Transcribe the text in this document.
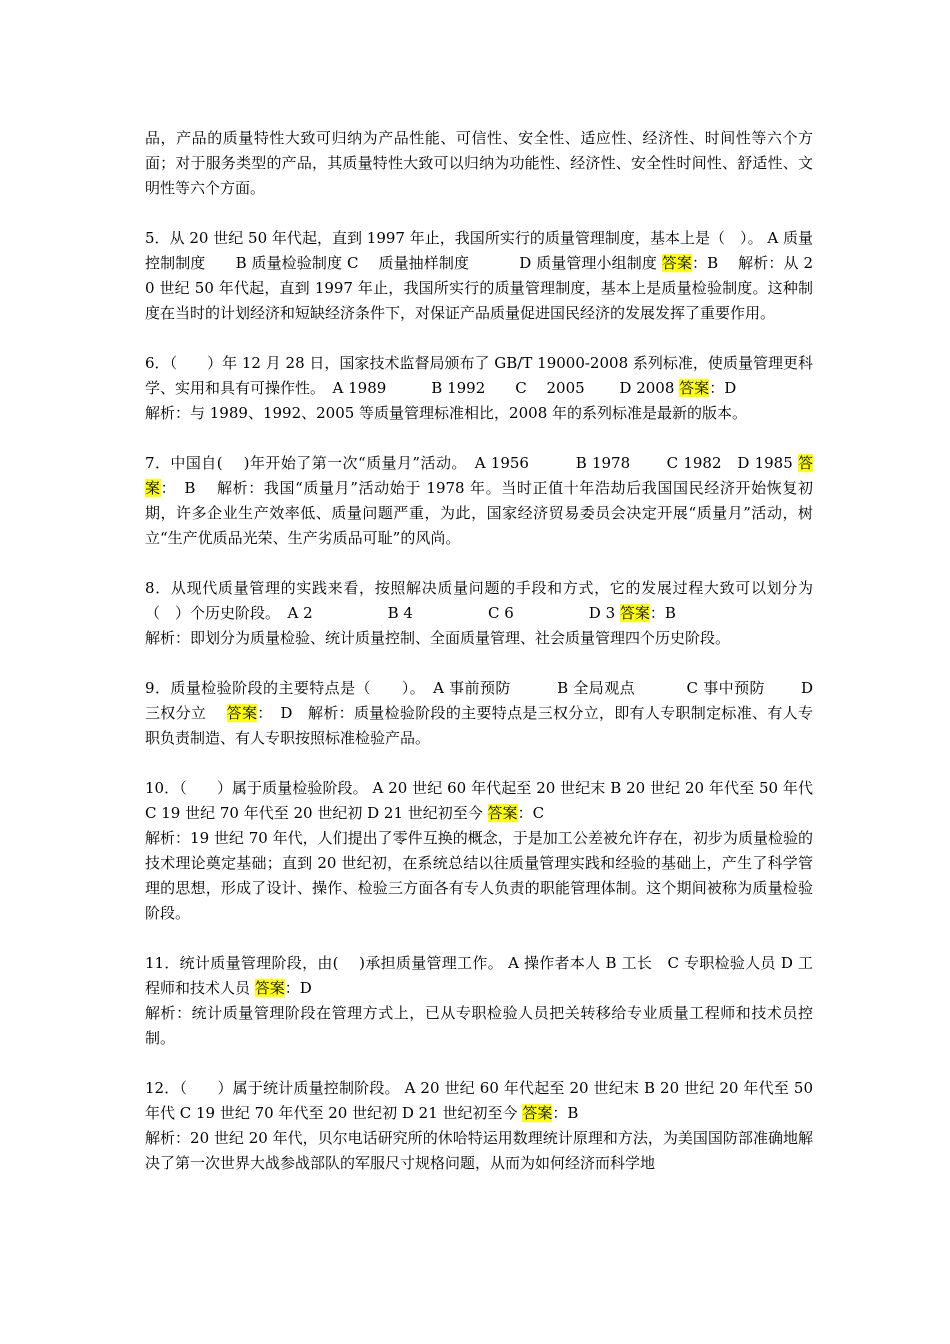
品，产品的质量特性大致可归纳为产品性能、可信性、安全性、适应性、经济性、时间性等六个方面；对于服务类型的产品，其质量特性大致可以归纳为功能性、经济性、安全性时间性、舒适性、文明性等六个方面。
5．从 20 世纪 50 年代起，直到 1997 年止，我国所实行的质量管理制度，基本上是（　）。 A 质量控制制度　　B 质量检验制度 C　 质量抽样制度　　　 D 质量管理小组制度 答案：B　 解析：从 20 世纪 50 年代起，直到 1997 年止，我国所实行的质量管理制度，基本上是质量检验制度。这种制度在当时的计划经济和短缺经济条件下，对保证产品质量促进国民经济的发展发挥了重要作用。
6．（　　）年 12 月 28 日，国家技术监督局颁布了 GB/T 19000-2008 系列标准，使质量管理更科学、实用和具有可操作性。　A 1989　　　B 1992　　C　 2005　　 D 2008 答案：D
解析：与 1989、1992、2005 等质量管理标准相比，2008 年的系列标准是最新的版本。
7．中国自(　 )年开始了第一次“质量月”活动。　A 1956　　　B 1978　　 C 1982　D 1985 答案：　B　 解析：我国“质量月”活动始于 1978 年。当时正值十年浩劫后我国国民经济开始恢复初期，许多企业生产效率低、质量问题严重，为此，国家经济贸易委员会决定开展“质量月”活动，树立“生产优质品光荣、生产劣质品可耻”的风尚。
8．从现代质量管理的实践来看，按照解决质量问题的手段和方式，它的发展过程大致可以划分为（　）个历史阶段。　A 2　　　　　B 4　　　　　C 6　　　　　D 3 答案：B
解析：即划分为质量检验、统计质量控制、全面质量管理、社会质量管理四个历史阶段。
9．质量检验阶段的主要特点是（　　）。　A 事前预防　　　B 全局观点　　　 C 事中预防　　 D 三权分立　 答案：　D　解析：质量检验阶段的主要特点是三权分立，即有人专职制定标准、有人专职负责制造、有人专职按照标准检验产品。
10．（　　）属于质量检验阶段。 A 20 世纪 60 年代起至 20 世纪末 B 20 世纪 20 年代至 50 年代 C 19 世纪 70 年代至 20 世纪初 D 21 世纪初至今 答案：C
解析：19 世纪 70 年代，人们提出了零件互换的概念，于是加工公差被允许存在，初步为质量检验的技术理论奠定基础；直到 20 世纪初，在系统总结以往质量管理实践和经验的基础上，产生了科学管理的思想，形成了设计、操作、检验三方面各有专人负责的职能管理体制。这个期间被称为质量检验阶段。
11．统计质量管理阶段，由(　 )承担质量管理工作。 A 操作者本人 B 工长　C 专职检验人员 D 工程师和技术人员 答案：D
解析：统计质量管理阶段在管理方式上，已从专职检验人员把关转移给专业质量工程师和技术员控制。
12．（　　）属于统计质量控制阶段。 A 20 世纪 60 年代起至 20 世纪末 B 20 世纪 20 年代至 50 年代 C 19 世纪 70 年代至 20 世纪初 D 21 世纪初至今 答案：B
解析：20 世纪 20 年代，贝尔电话研究所的休哈特运用数理统计原理和方法，为美国国防部准确地解决了第一次世界大战参战部队的军服尺寸规格问题，从而为如何经济而科学地
